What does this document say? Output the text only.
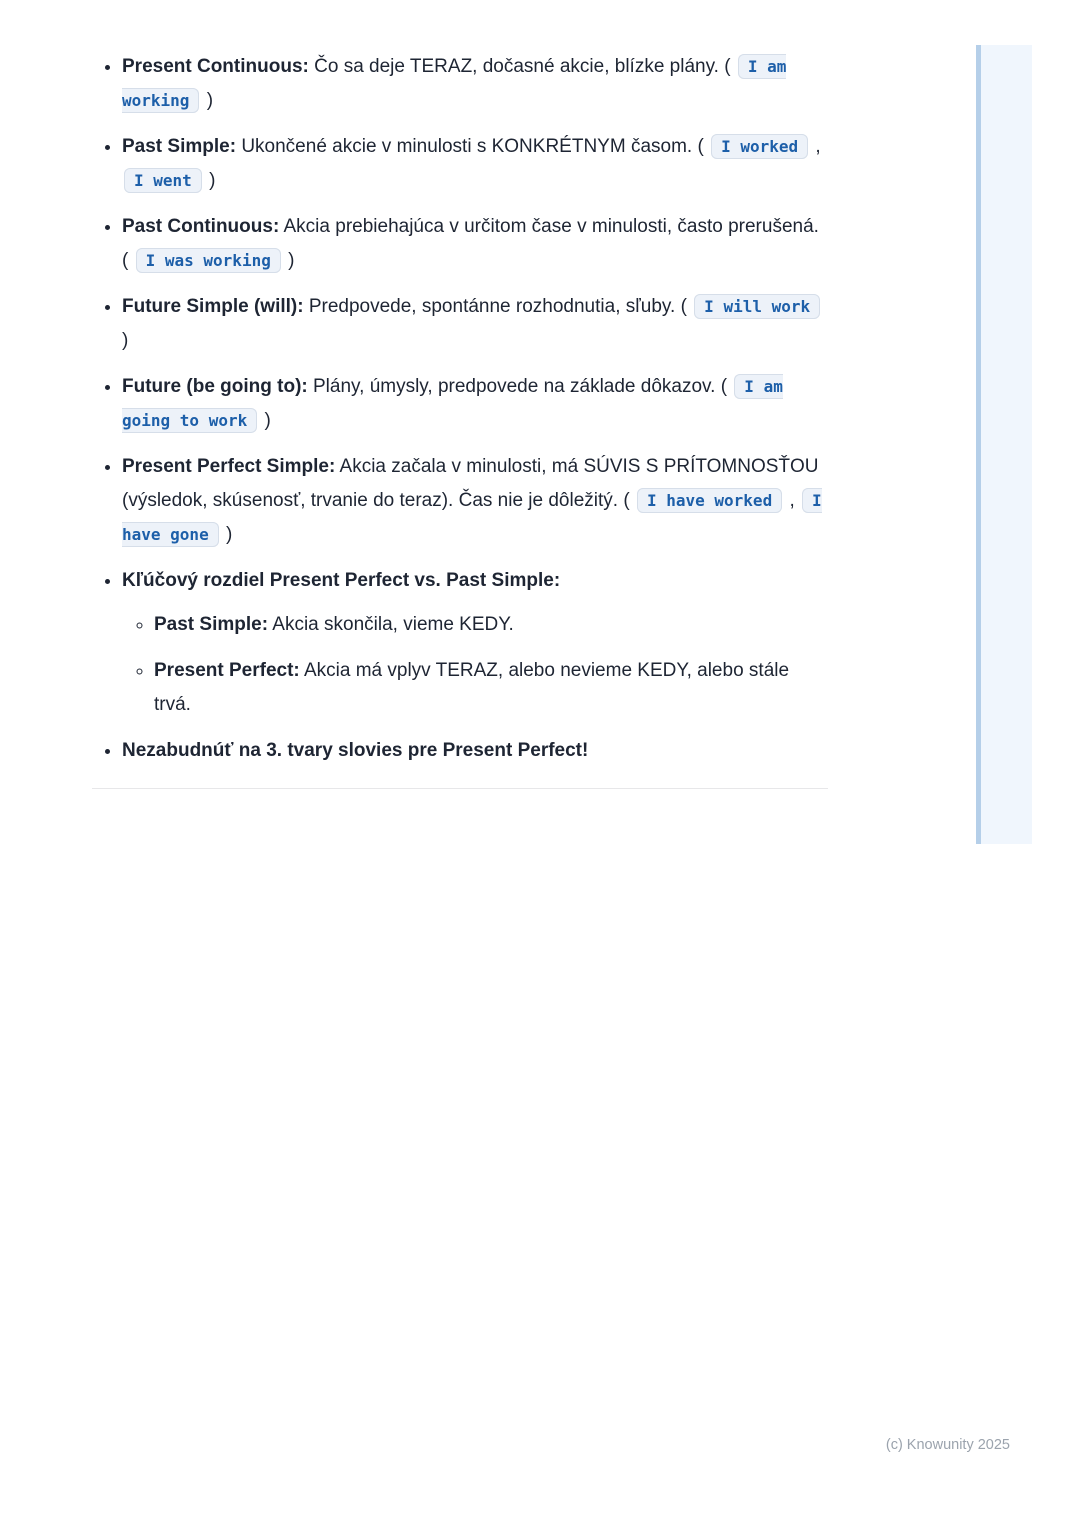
• Present Continuous: Čo sa deje TERAZ, dočasné akcie, blízke plány. ( I am working )
• Past Simple: Ukončené akcie v minulosti s KONKRÉTNYM časom. ( I worked , I went )
• Past Continuous: Akcia prebiehajúca v určitom čase v minulosti, často prerušená. ( I was working )
• Future Simple (will): Predpovede, spontánne rozhodnutia, sľuby. ( I will work )
• Future (be going to): Plány, úmysly, predpovede na základe dôkazov. ( I am going to work )
• Present Perfect Simple: Akcia začala v minulosti, má SÚVIS S PRÍTOMNOSŤOU (výsledok, skúsenosť, trvanie do teraz). Čas nie je dôležitý. ( I have worked , I have gone )
• Kľúčový rozdiel Present Perfect vs. Past Simple:
◦ Past Simple: Akcia skončila, vieme KEDY.
◦ Present Perfect: Akcia má vplyv TERAZ, alebo nevieme KEDY, alebo stále trvá.
• Nezabudnúť na 3. tvary slovies pre Present Perfect!
(c) Knowunity 2025
